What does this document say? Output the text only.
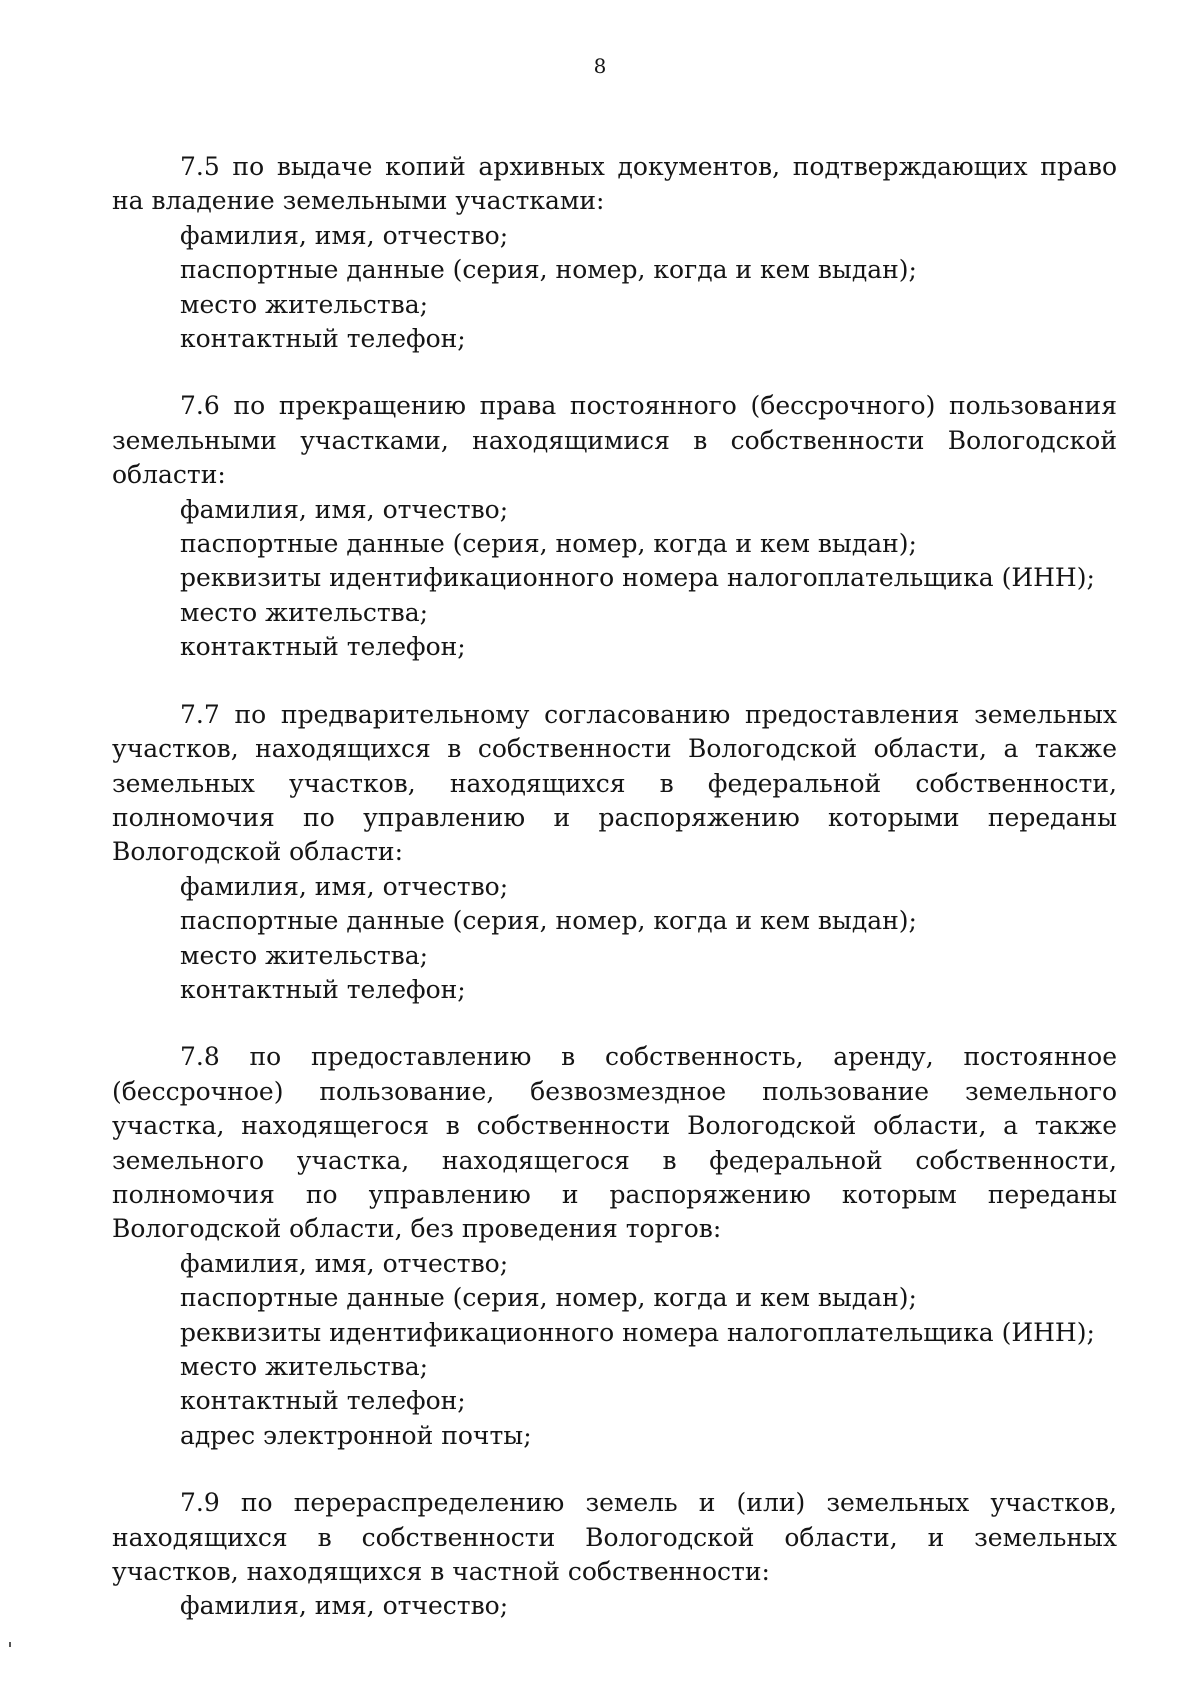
8

7.5 по выдаче копий архивных документов, подтверждающих право на владение земельными участками:

фамилия, имя, отчество;
паспортные данные (серия, номер, когда и кем выдан);
место жительства;
контактный телефон;

7.6 по прекращению права постоянного (бессрочного) пользования земельными участками, находящимися в собственности Вологодской области:

фамилия, имя, отчество;
паспортные данные (серия, номер, когда и кем выдан);
реквизиты идентификационного номера налогоплательщика (ИНН);
место жительства;
контактный телефон;

7.7 по предварительному согласованию предоставления земельных участков, находящихся в собственности Вологодской области, а также земельных участков, находящихся в федеральной собственности, полномочия по управлению и распоряжению которыми переданы Вологодской области:

фамилия, имя, отчество;
паспортные данные (серия, номер, когда и кем выдан);
место жительства;
контактный телефон;

7.8 по предоставлению в собственность, аренду, постоянное (бессрочное) пользование, безвозмездное пользование земельного участка, находящегося в собственности Вологодской области, а также земельного участка, находящегося в федеральной собственности, полномочия по управлению и распоряжению которым переданы Вологодской области, без проведения торгов:

фамилия, имя, отчество;
паспортные данные (серия, номер, когда и кем выдан);
реквизиты идентификационного номера налогоплательщика (ИНН);
место жительства;
контактный телефон;
адрес электронной почты;

7.9 по перераспределению земель и (или) земельных участков, находящихся в собственности Вологодской области, и земельных участков, находящихся в частной собственности:

фамилия, имя, отчество;
